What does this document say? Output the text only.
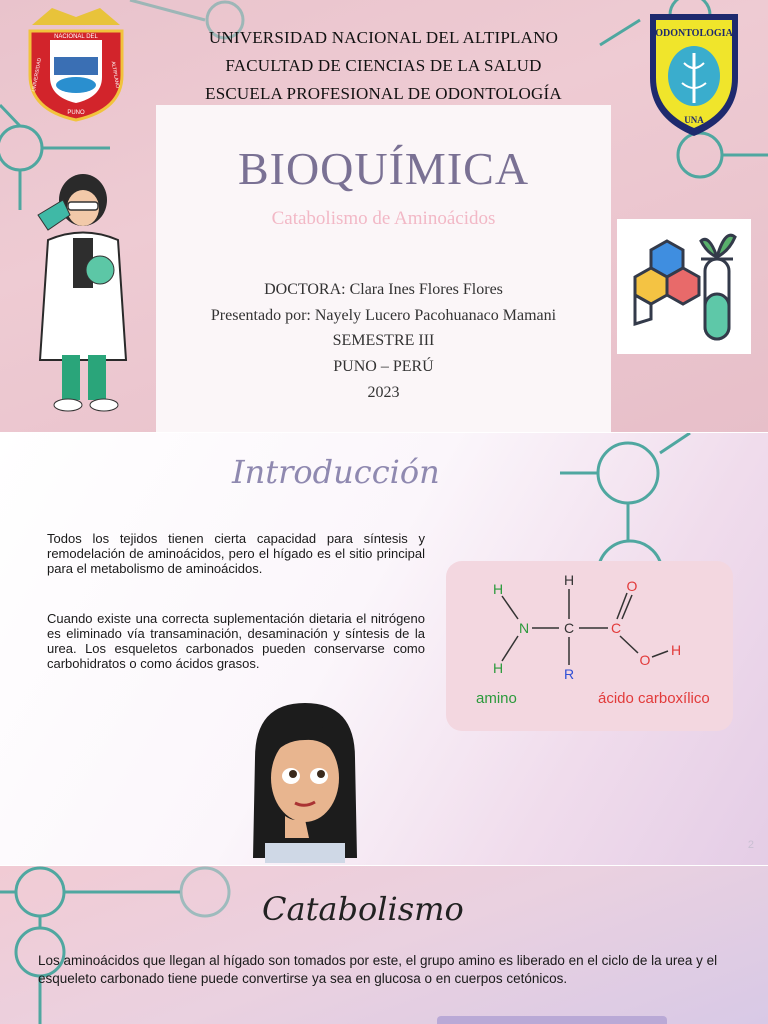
NACIONAL DEL
UNIVERSIDAD	ALTIPLANO
PUNO
ODONTOLOGIA
UNA
UNIVERSIDAD NACIONAL DEL ALTIPLANO
FACULTAD DE CIENCIAS DE LA SALUD
ESCUELA PROFESIONAL DE ODONTOLOGÍA
BIOQUÍMICA
Catabolismo de Aminoácidos
DOCTORA: Clara Ines Flores Flores
Presentado por: Nayely Lucero Pacohuanaco Mamani
SEMESTRE III
PUNO – PERÚ
2023
Introducción
Todos los tejidos tienen cierta capacidad para síntesis y remodelación de aminoácidos, pero el hígado es el sitio principal para el metabolismo de aminoácidos.
Cuando existe una correcta suplementación dietaria el nitrógeno es eliminado vía transaminación, desaminación y síntesis de la urea. Los esqueletos carbonados pueden conservarse como carbohidratos o como ácidos grasos.
H
H
N C
H
R
C
O
O
H
amino	ácido carboxílico
2
Catabolismo
Los aminoácidos que llegan al hígado son tomados por este, el grupo amino es liberado en el ciclo de la urea y el esqueleto carbonado tiene puede convertirse ya sea en glucosa o en cuerpos cetónicos.
